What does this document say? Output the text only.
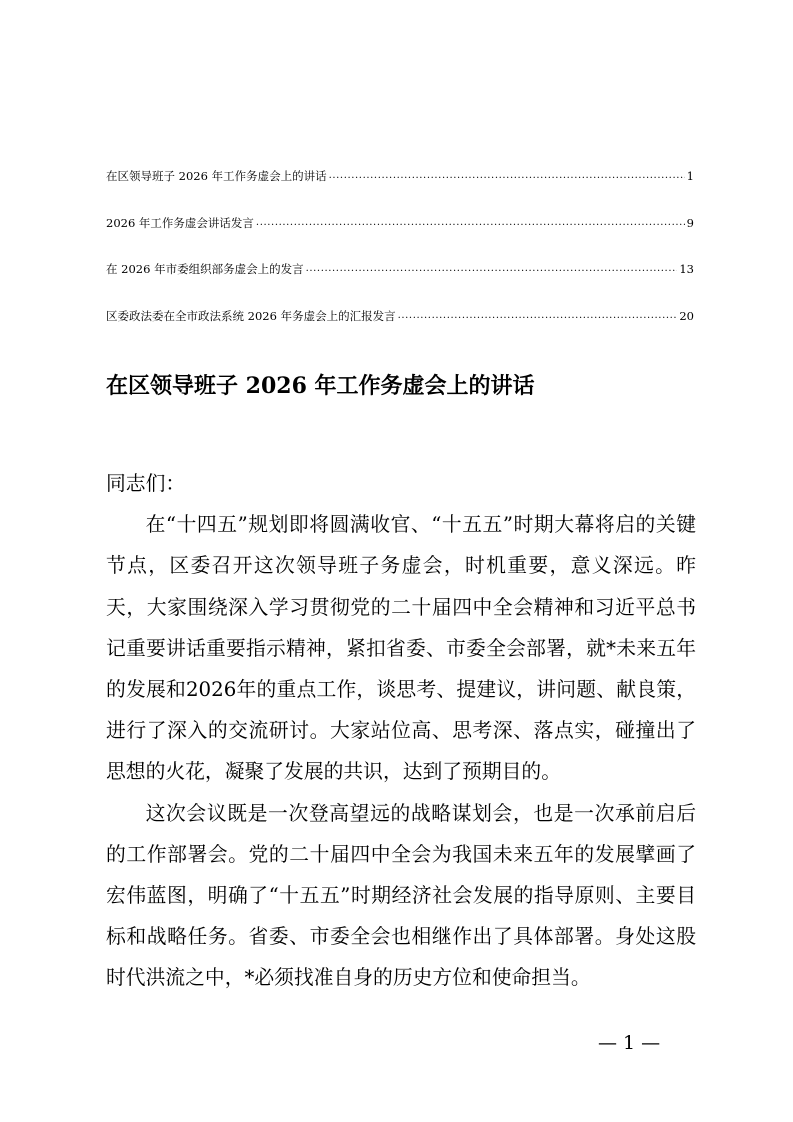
在区领导班子 2026 年工作务虚会上的讲话 .....	1
2026 年工作务虚会讲话发言 .....	9
在 2026 年市委组织部务虚会上的发言 .....	13
区委政法委在全市政法系统 2026 年务虚会上的汇报发言 .....	20
在区领导班子 2026 年工作务虚会上的讲话

同志们：

在“十四五”规划即将圆满收官、“十五五”时期大幕将启的关键节点，区委召开这次领导班子务虚会，时机重要，意义深远。昨天，大家围绕深入学习贯彻党的二十届四中全会精神和习近平总书记重要讲话重要指示精神，紧扣省委、市委全会部署，就*未来五年的发展和2026年的重点工作，谈思考、提建议，讲问题、献良策，进行了深入的交流研讨。大家站位高、思考深、落点实，碰撞出了思想的火花，凝聚了发展的共识，达到了预期目的。

这次会议既是一次登高望远的战略谋划会，也是一次承前启后的工作部署会。党的二十届四中全会为我国未来五年的发展擘画了宏伟蓝图，明确了“十五五”时期经济社会发展的指导原则、主要目标和战略任务。省委、市委全会也相继作出了具体部署。身处这股时代洪流之中，*必须找准自身的历史方位和使命担当。

— 1 —
